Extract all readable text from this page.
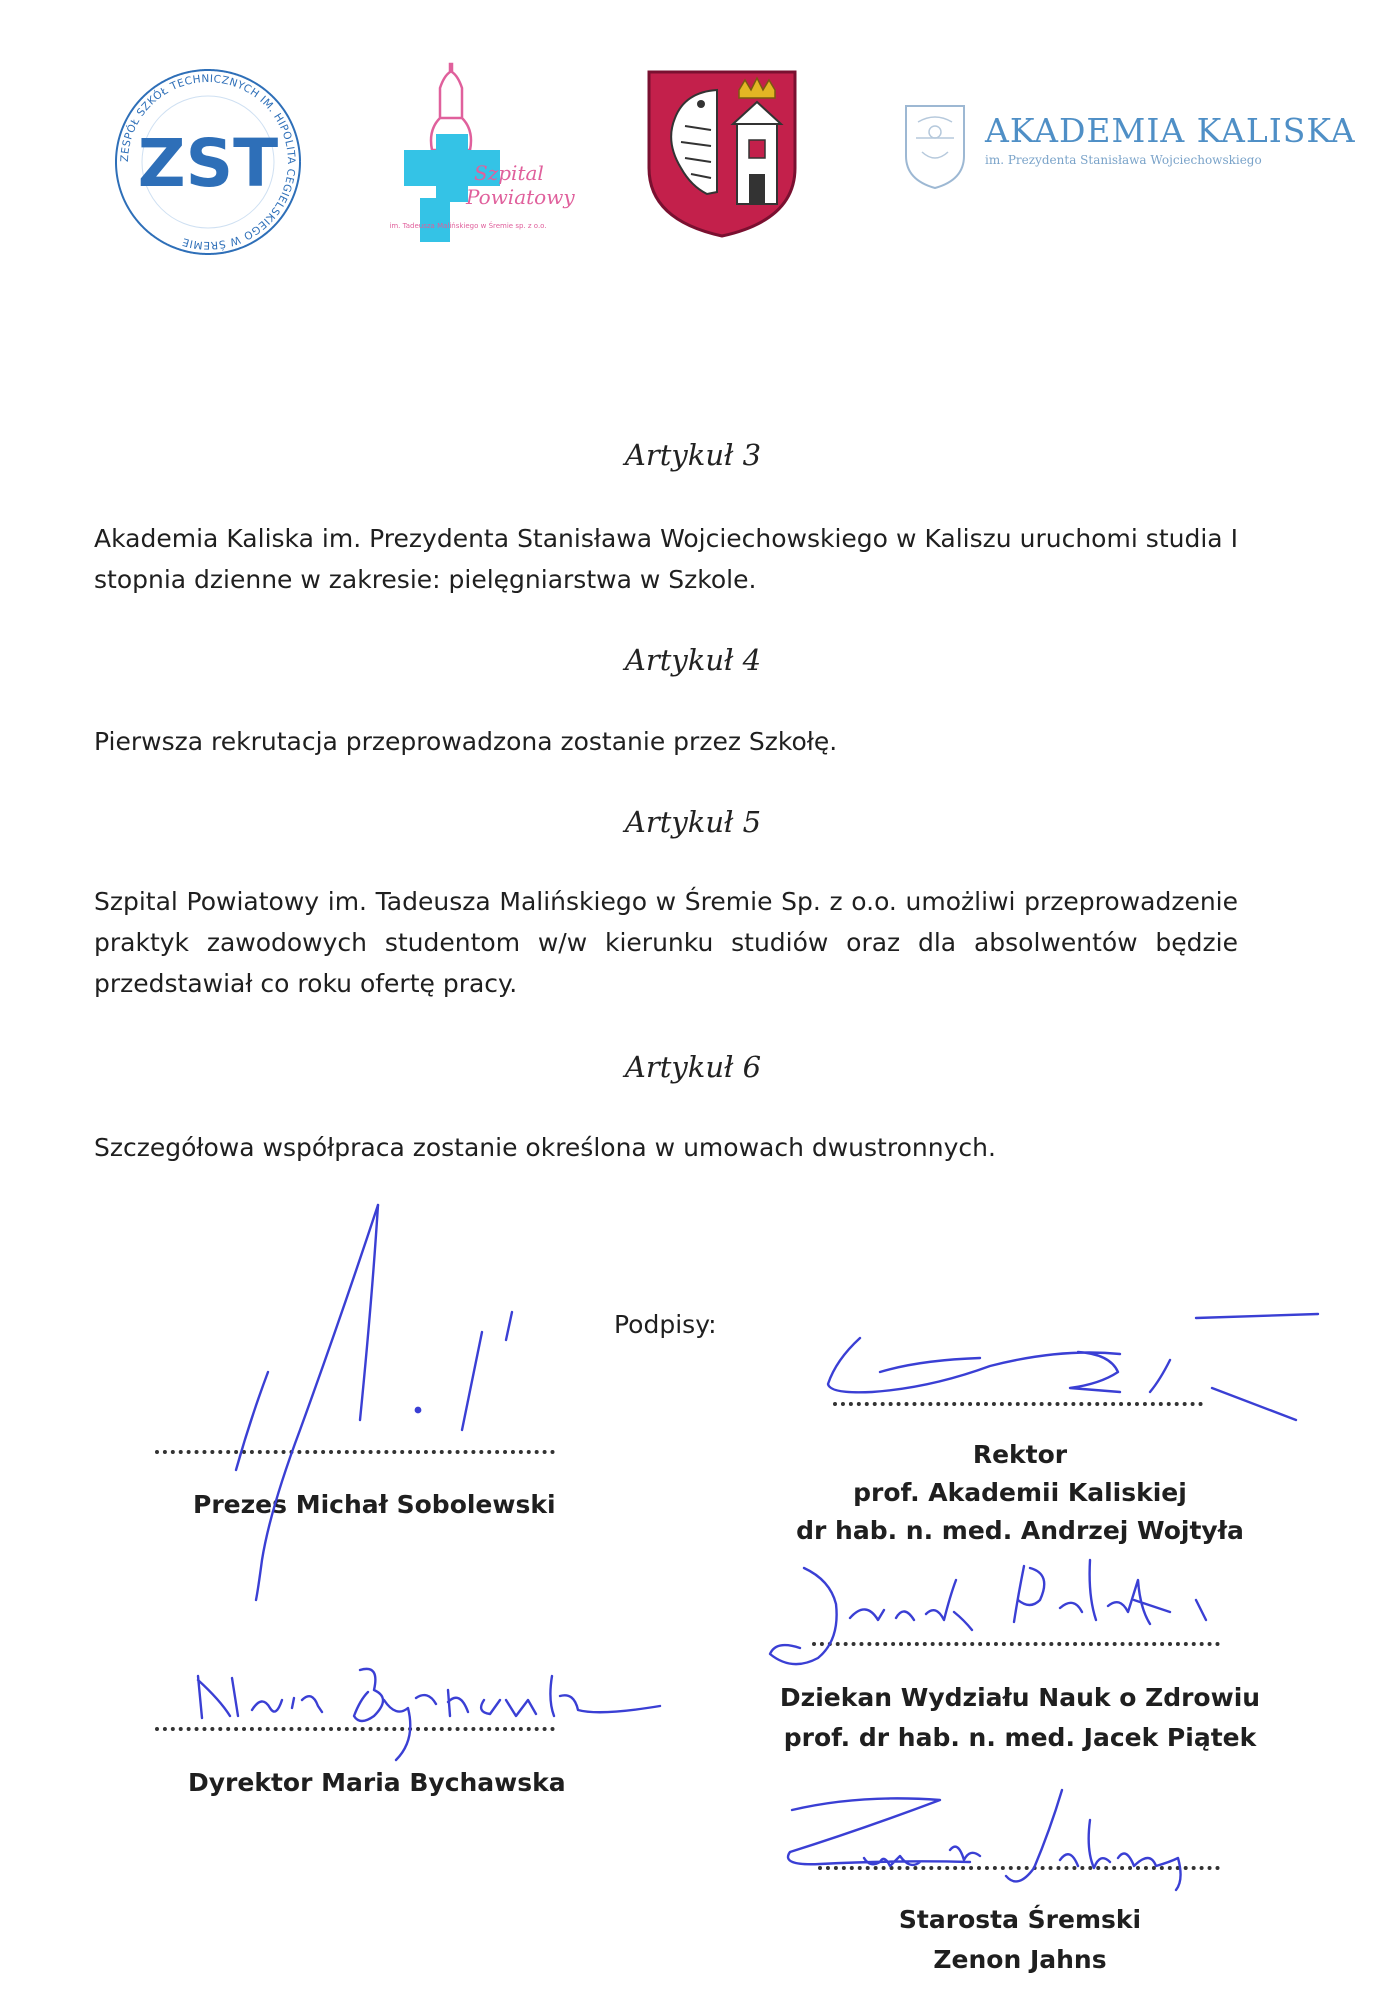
ZESPÓŁ SZKÓŁ TECHNICZNYCH IM. HIPOLITA CEGIELSKIEGO W ŚREMIE
ZST	Szpital
Powiatowy
im. Tadeusza Malińskiego w Śremie sp. z o.o.
AKADEMIA KALISKA
im. Prezydenta Stanisława Wojciechowskiego
Artykuł 3
Akademia Kaliska im. Prezydenta Stanisława Wojciechowskiego w Kaliszu uruchomi studia I stopnia dzienne w zakresie: pielęgniarstwa w Szkole.
Artykuł 4
Pierwsza rekrutacja przeprowadzona zostanie przez Szkołę.
Artykuł 5
Szpital Powiatowy im. Tadeusza Malińskiego w Śremie Sp. z o.o. umożliwi przeprowadzenie praktyk zawodowych studentom w/w kierunku studiów oraz dla absolwentów będzie przedstawiał co roku ofertę pracy.
Artykuł 6
Szczegółowa współpraca zostanie określona w umowach dwustronnych.
Podpisy:
Prezes Michał Sobolewski
Dyrektor Maria Bychawska
Rektor
prof. Akademii Kaliskiej
dr hab. n. med. Andrzej Wojtyła
Dziekan Wydziału Nauk o Zdrowiu
prof. dr hab. n. med. Jacek Piątek
Starosta Śremski
Zenon Jahns
